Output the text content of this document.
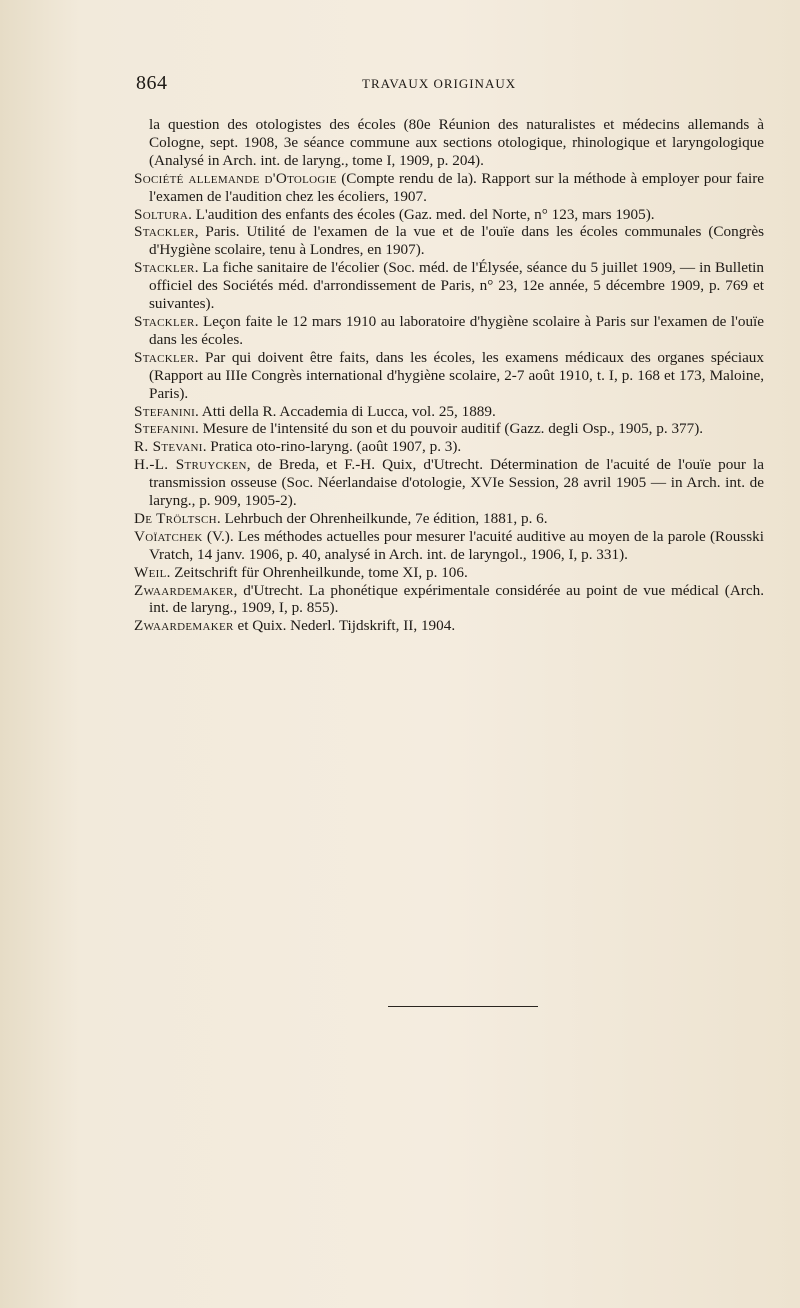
864	TRAVAUX ORIGINAUX

la question des otologistes des écoles (80e Réunion des naturalistes et médecins allemands à Cologne, sept. 1908, 3e séance commune aux sections otologique, rhinologique et laryngologique (Analysé in Arch. int. de laryng., tome I, 1909, p. 204).

Société allemande d'Otologie (Compte rendu de la). Rapport sur la méthode à employer pour faire l'examen de l'audition chez les écoliers, 1907.

Soltura. L'audition des enfants des écoles (Gaz. med. del Norte, n° 123, mars 1905).

Stackler, Paris. Utilité de l'examen de la vue et de l'ouïe dans les écoles communales (Congrès d'Hygiène scolaire, tenu à Londres, en 1907).

Stackler. La fiche sanitaire de l'écolier (Soc. méd. de l'Élysée, séance du 5 juillet 1909, — in Bulletin officiel des Sociétés méd. d'arrondissement de Paris, n° 23, 12e année, 5 décembre 1909, p. 769 et suivantes).

Stackler. Leçon faite le 12 mars 1910 au laboratoire d'hygiène scolaire à Paris sur l'examen de l'ouïe dans les écoles.

Stackler. Par qui doivent être faits, dans les écoles, les examens médicaux des organes spéciaux (Rapport au IIIe Congrès international d'hygiène scolaire, 2-7 août 1910, t. I, p. 168 et 173, Maloine, Paris).

Stefanini. Atti della R. Accademia di Lucca, vol. 25, 1889.

Stefanini. Mesure de l'intensité du son et du pouvoir auditif (Gazz. degli Osp., 1905, p. 377).

R. Stevani. Pratica oto-rino-laryng. (août 1907, p. 3).

H.-L. Struycken, de Breda, et F.-H. Quix, d'Utrecht. Détermination de l'acuité de l'ouïe pour la transmission osseuse (Soc. Néerlandaise d'otologie, XVIe Session, 28 avril 1905 — in Arch. int. de laryng., p. 909, 1905-2).

De Tröltsch. Lehrbuch der Ohrenheilkunde, 7e édition, 1881, p. 6.

Voïatchek (V.). Les méthodes actuelles pour mesurer l'acuité auditive au moyen de la parole (Rousski Vratch, 14 janv. 1906, p. 40, analysé in Arch. int. de laryngol., 1906, I, p. 331).

Weil. Zeitschrift für Ohrenheilkunde, tome XI, p. 106.

Zwaardemaker, d'Utrecht. La phonétique expérimentale considérée au point de vue médical (Arch. int. de laryng., 1909, I, p. 855).

Zwaardemaker et Quix. Nederl. Tijdskrift, II, 1904.
